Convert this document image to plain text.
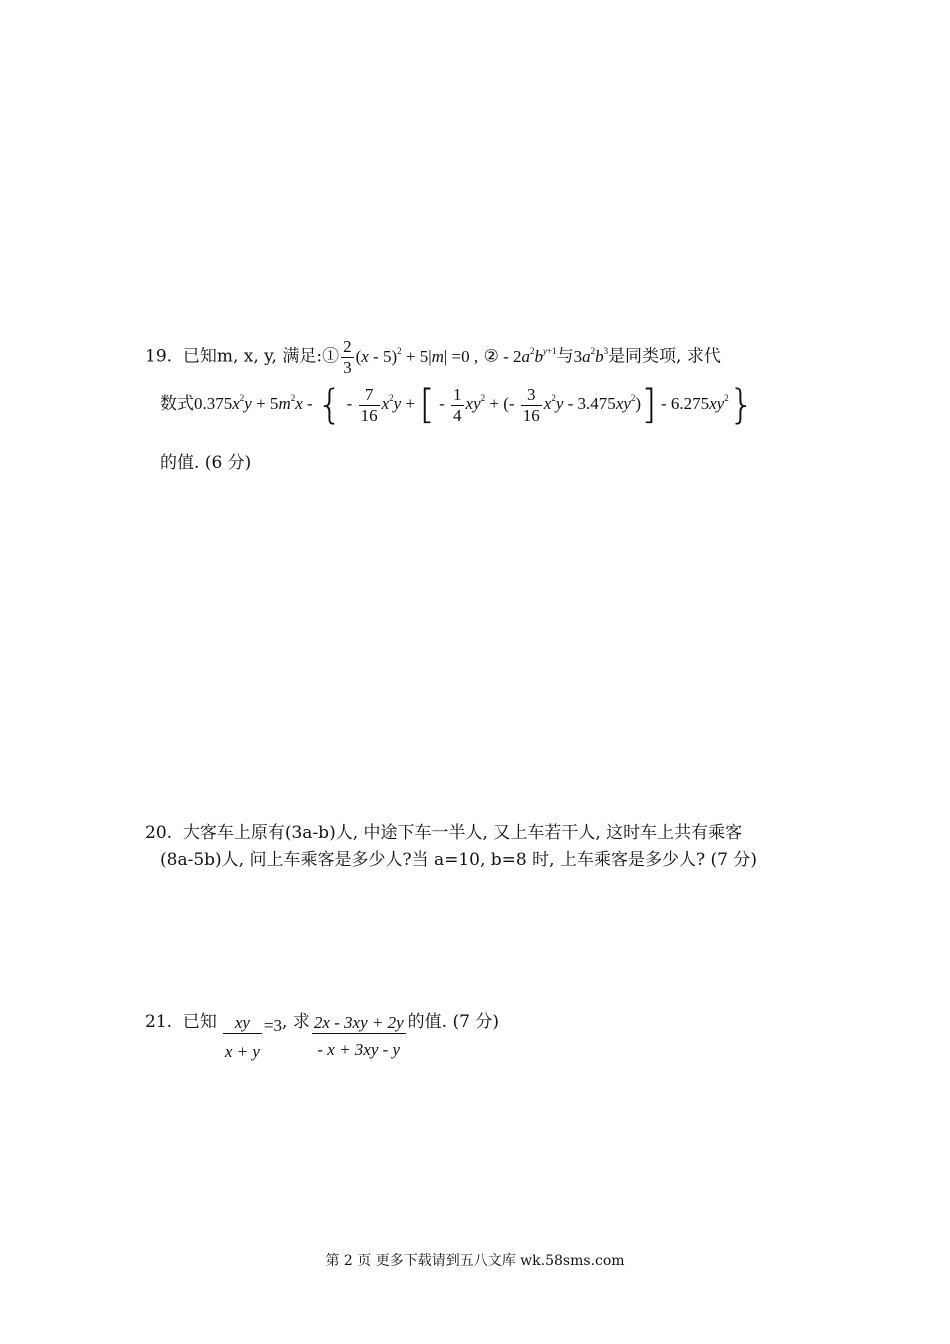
19. 已知m, x, y, 满足:① $\frac{2}{3} (x - 5)^2 + 5|m| =0$ , ② - $2a^2b^{y+1}$与$3a^2b^3$是同类项, 求代
数式$0.375x^2y + 5m^2x$ - { - $\frac{7}{16} x^2y$ + [ - $\frac{1}{4} xy^2$ + (- $\frac{3}{16} x^2y - 3.475xy^2)] - 6.275xy^2$}
的值. (6 分)
20. 大客车上原有(3a-b)人, 中途下车一半人, 又上车若干人, 这时车上共有乘客
(8a-5b)人, 问上车乘客是多少人?当 a=10, b=8 时, 上车乘客是多少人? (7 分)
21. 已知 $\frac{xy}{x + y} =3$, 求 $\frac{2x - 3xy + 2y}{- x + 3xy - y}$ 的值. (7 分)
第 2 页 更多下载请到五八文库 wk.58sms.com
